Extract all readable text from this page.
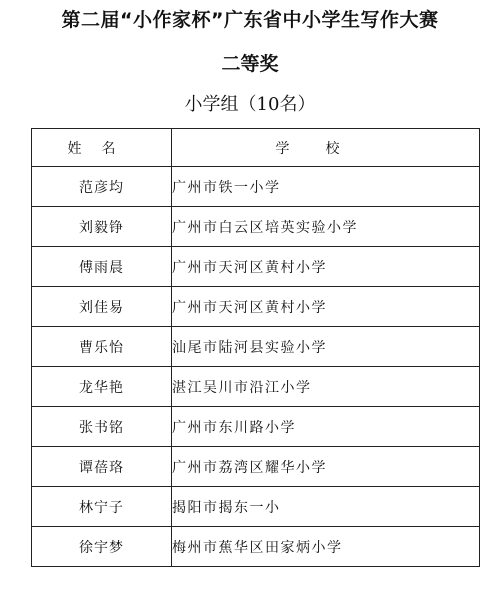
第二届“小作家杯”广东省中小学生写作大赛
二等奖
小学组（10名）
姓名	学校
范彦均	广州市铁一小学
刘毅铮	广州市白云区培英实验小学
傅雨晨	广州市天河区黄村小学
刘佳易	广州市天河区黄村小学
曹乐怡	汕尾市陆河县实验小学
龙华艳	湛江吴川市沿江小学
张书铭	广州市东川路小学
谭蓓珞	广州市荔湾区耀华小学
林宁子	揭阳市揭东一小
徐宇梦	梅州市蕉华区田家炳小学
